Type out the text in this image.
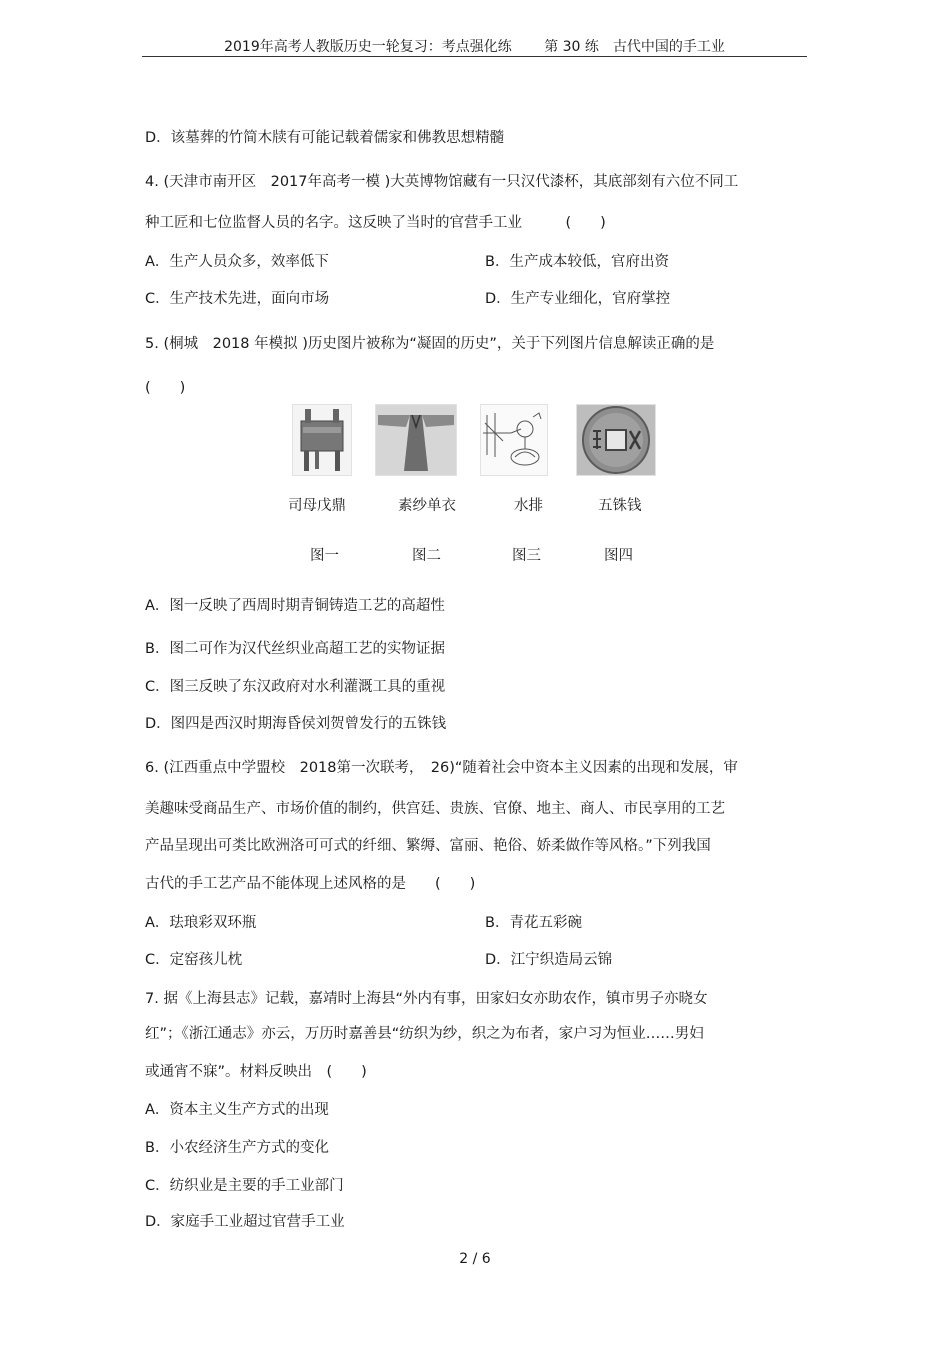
2019年高考人教版历史一轮复习：考点强化练 第 30 练　古代中国的手工业
D．该墓葬的竹简木牍有可能记载着儒家和佛教思想精髓
4. (天津市南开区　2017年高考一模 )大英博物馆藏有一只汉代漆杯，其底部刻有六位不同工
种工匠和七位监督人员的名字。这反映了当时的官营手工业　　　(　　)
A．生产人员众多，效率低下	B．生产成本较低，官府出资
C．生产技术先进，面向市场	D．生产专业细化，官府掌控
5. (桐城　2018 年模拟 )历史图片被称为“凝固的历史”，关于下列图片信息解读正确的是
(　　)
司母戊鼎	素纱单衣	水排	五铢钱
图一	图二	图三	图四
A．图一反映了西周时期青铜铸造工艺的高超性
B．图二可作为汉代丝织业高超工艺的实物证据
C．图三反映了东汉政府对水利灌溉工具的重视
D．图四是西汉时期海昏侯刘贺曾发行的五铢钱
6. (江西重点中学盟校　2018第一次联考，　26)“随着社会中资本主义因素的出现和发展，审
美趣味受商品生产、市场价值的制约，供宫廷、贵族、官僚、地主、商人、市民享用的工艺
产品呈现出可类比欧洲洛可可式的纤细、繁缛、富丽、艳俗、娇柔做作等风格。”下列我国
古代的手工艺产品不能体现上述风格的是　　(　　)
A．珐琅彩双环瓶	B．青花五彩碗
C．定窑孩儿枕	D．江宁织造局云锦
7. 据《上海县志》记载，嘉靖时上海县“外内有事，田家妇女亦助农作，镇市男子亦晓女
红”；《浙江通志》亦云，万历时嘉善县“纺织为纱，织之为布者，家户习为恒业……男妇
或通宵不寐”。材料反映出　(　　)
A．资本主义生产方式的出现
B．小农经济生产方式的变化
C．纺织业是主要的手工业部门
D．家庭手工业超过官营手工业
2 / 6
